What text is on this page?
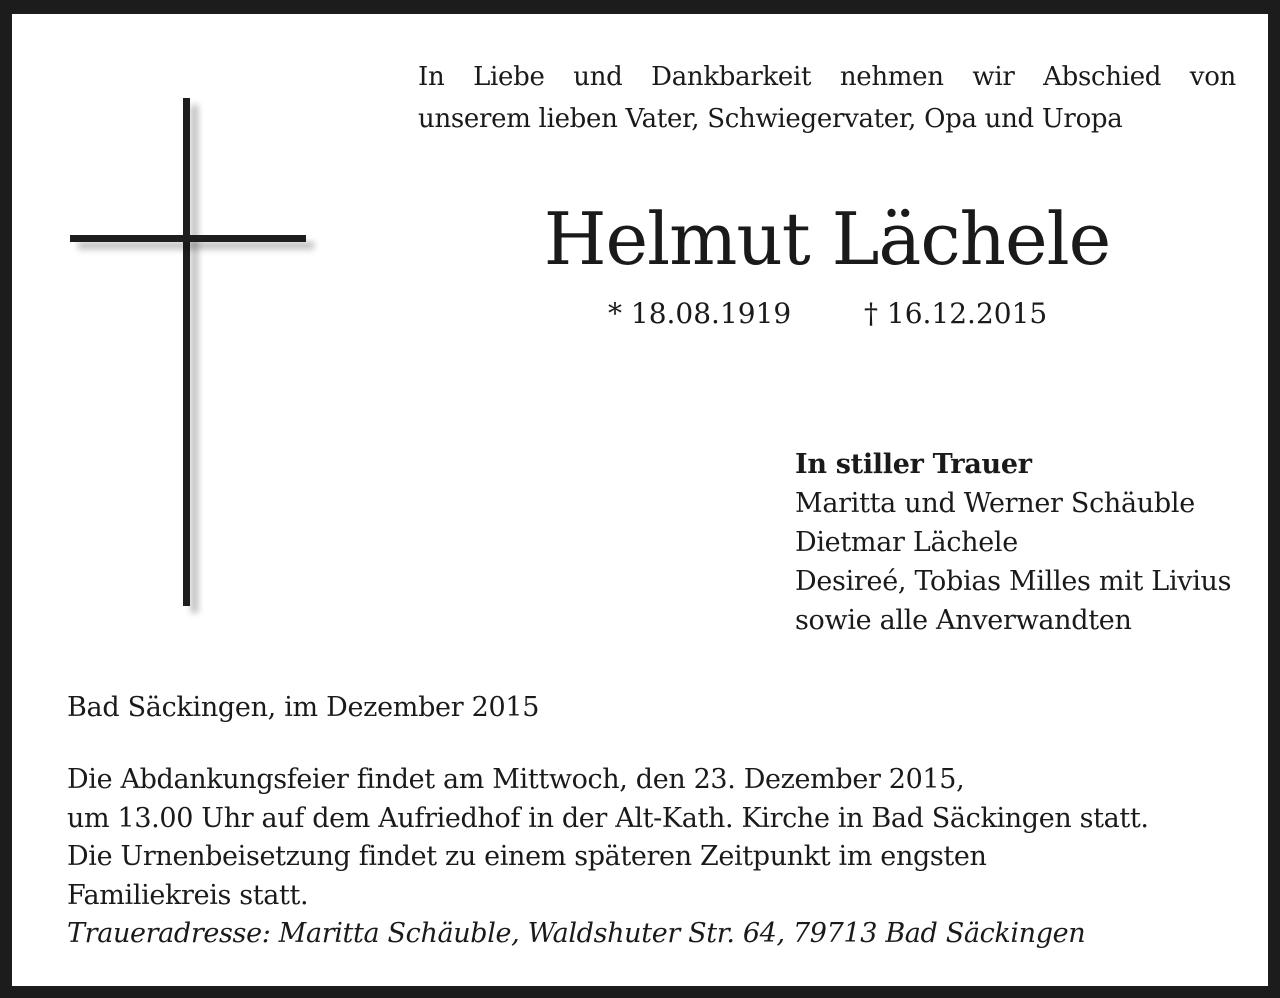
In Liebe und Dankbarkeit nehmen wir Abschied von
unserem lieben Vater, Schwiegervater, Opa und Uropa
Helmut Lächele
* 18.08.1919	† 16.12.2015
In stiller Trauer
Maritta und Werner Schäuble
Dietmar Lächele
Desireé, Tobias Milles mit Livius
sowie alle Anverwandten
Bad Säckingen, im Dezember 2015
Die Abdankungsfeier findet am Mittwoch, den 23. Dezember 2015,
um 13.00 Uhr auf dem Aufriedhof in der Alt-Kath. Kirche in Bad Säckingen statt.
Die Urnenbeisetzung findet zu einem späteren Zeitpunkt im engsten
Familiekreis statt.
Traueradresse: Maritta Schäuble, Waldshuter Str. 64, 79713 Bad Säckingen
